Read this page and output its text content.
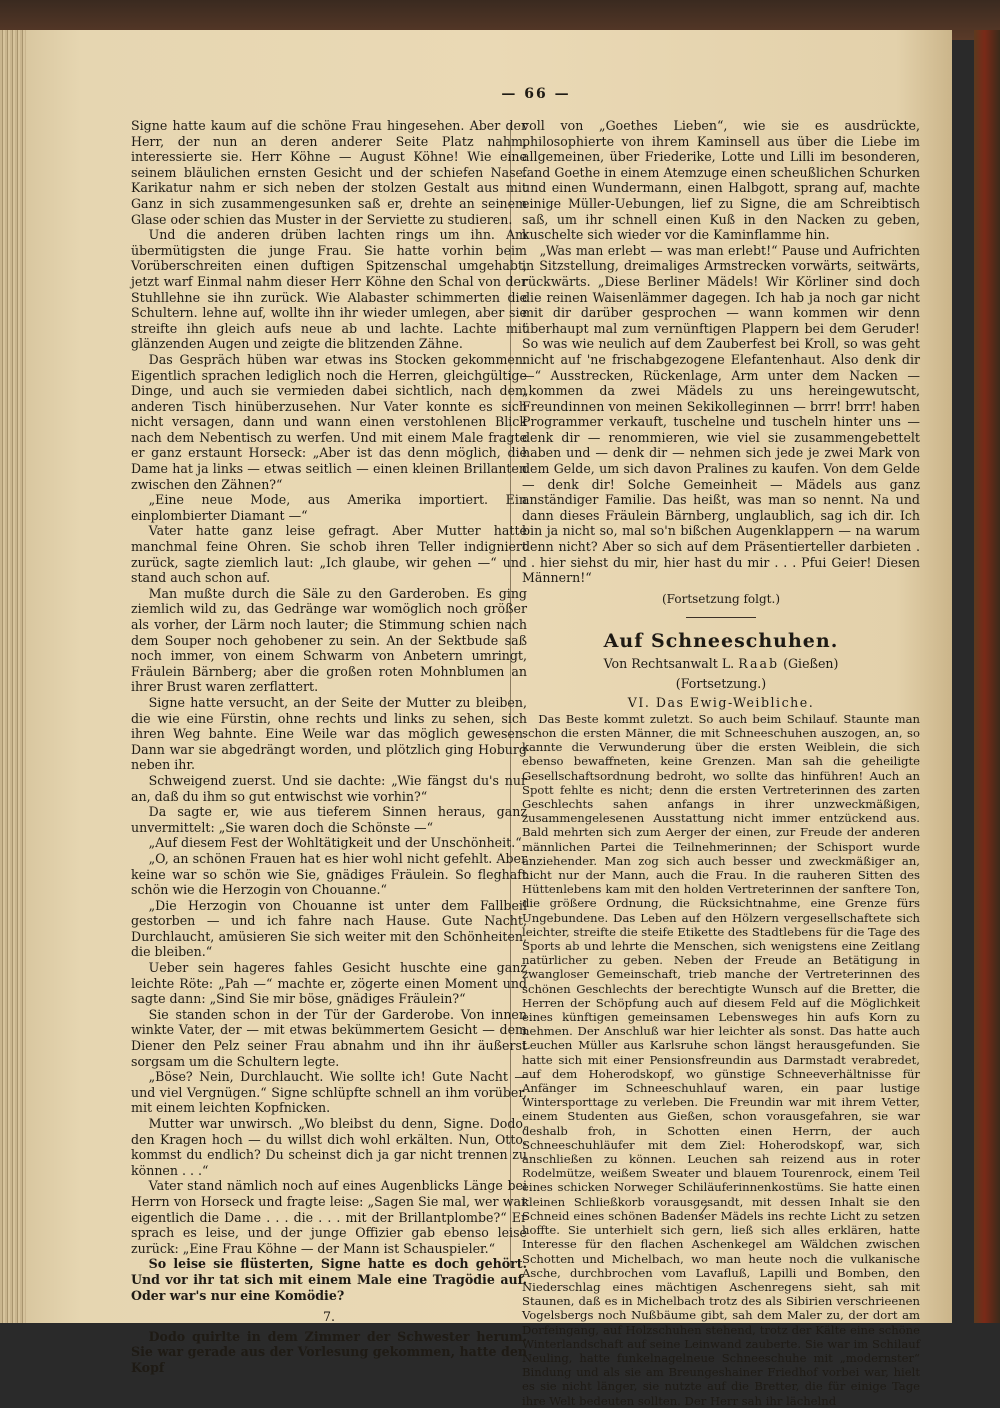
— 66 —

Signe hatte kaum auf die schöne Frau hingesehen. Aber der Herr, der nun an deren anderer Seite Platz nahm, interessierte sie. Herr Köhne — August Köhne! Wie eine seinem bläulichen ernsten Gesicht und der schiefen Nase. Karikatur nahm er sich neben der stolzen Gestalt aus mit Ganz in sich zusammengesunken saß er, drehte an seinem Glase oder schien das Muster in der Serviette zu studieren.

Und die anderen drüben lachten rings um ihn. Am übermütigsten die junge Frau. Sie hatte vorhin beim Vorüberschreiten einen duftigen Spitzenschal umgehabt, jetzt warf Einmal nahm dieser Herr Köhne den Schal von der Stuhllehne sie ihn zurück. Wie Alabaster schimmerten die Schultern. lehne auf, wollte ihn ihr wieder umlegen, aber sie streifte ihn gleich aufs neue ab und lachte. Lachte mit glänzenden Augen und zeigte die blitzenden Zähne.

Das Gespräch hüben war etwas ins Stocken gekommen. Eigentlich sprachen lediglich noch die Herren, gleichgültige Dinge, und auch sie vermieden dabei sichtlich, nach dem anderen Tisch hinüberzusehen. Nur Vater konnte es sich nicht versagen, dann und wann einen verstohlenen Blick nach dem Nebentisch zu werfen. Und mit einem Male fragte er ganz erstaunt Horseck: „Aber ist das denn möglich, die Dame hat ja links — etwas seitlich — einen kleinen Brillanten zwischen den Zähnen?“

„Eine neue Mode, aus Amerika importiert. Ein einplombierter Diamant —“

Vater hatte ganz leise gefragt. Aber Mutter hatte manchmal feine Ohren. Sie schob ihren Teller indigniert zurück, sagte ziemlich laut: „Ich glaube, wir gehen —“ und stand auch schon auf.

Man mußte durch die Säle zu den Garderoben. Es ging ziemlich wild zu, das Gedränge war womöglich noch größer als vorher, der Lärm noch lauter; die Stimmung schien nach dem Souper noch gehobener zu sein. An der Sektbude saß noch immer, von einem Schwarm von Anbetern umringt, Fräulein Bärnberg; aber die großen roten Mohnblumen an ihrer Brust waren zerflattert.

Signe hatte versucht, an der Seite der Mutter zu bleiben, die wie eine Fürstin, ohne rechts und links zu sehen, sich ihren Weg bahnte. Eine Weile war das möglich gewesen. Dann war sie abgedrängt worden, und plötzlich ging Hoburg neben ihr.

Schweigend zuerst. Und sie dachte: „Wie fängst du's nur an, daß du ihm so gut entwischst wie vorhin?“

Da sagte er, wie aus tieferem Sinnen heraus, ganz unvermittelt: „Sie waren doch die Schönste —“

„Auf diesem Fest der Wohltätigkeit und der Unschönheit.“

„O, an schönen Frauen hat es hier wohl nicht gefehlt. Aber keine war so schön wie Sie, gnädiges Fräulein. So fleghaft schön wie die Herzogin von Chouanne.“

„Die Herzogin von Chouanne ist unter dem Fallbeil gestorben — und ich fahre nach Hause. Gute Nacht, Durchlaucht, amüsieren Sie sich weiter mit den Schönheiten, die bleiben.“

Ueber sein hageres fahles Gesicht huschte eine ganz leichte Röte: „Pah —“ machte er, zögerte einen Moment und sagte dann: „Sind Sie mir böse, gnädiges Fräulein?“

Sie standen schon in der Tür der Garderobe. Von innen winkte Vater, der — mit etwas bekümmertem Gesicht — dem Diener den Pelz seiner Frau abnahm und ihn ihr äußerst sorgsam um die Schultern legte.

„Böse? Nein, Durchlaucht. Wie sollte ich! Gute Nacht — und viel Vergnügen.“ Signe schlüpfte schnell an ihm vorüber, mit einem leichten Kopfnicken.

Mutter war unwirsch. „Wo bleibst du denn, Signe. Dodo, den Kragen hoch — du willst dich wohl erkälten. Nun, Otto, kommst du endlich? Du scheinst dich ja gar nicht trennen zu können . . .“

Vater stand nämlich noch auf eines Augenblicks Länge bei Herrn von Horseck und fragte leise: „Sagen Sie mal, wer war eigentlich die Dame . . . die . . . mit der Brillantplombe?“ Er sprach es leise, und der junge Offizier gab ebenso leise zurück: „Eine Frau Köhne — der Mann ist Schauspieler.“

So leise sie flüsterten, Signe hatte es doch gehört. Und vor ihr tat sich mit einem Male eine Tragödie auf. Oder war's nur eine Komödie?

7.

Dodo quirlte in dem Zimmer der Schwester herum. Sie war gerade aus der Vorlesung gekommen, hatte den Kopf

voll von „Goethes Lieben“, wie sie es ausdrückte, philosophierte von ihrem Kaminsell aus über die Liebe im allgemeinen, über Friederike, Lotte und Lilli im besonderen, fand Goethe in einem Atemzuge einen scheußlichen Schurken und einen Wundermann, einen Halbgott, sprang auf, machte einige Müller-Uebungen, lief zu Signe, die am Schreibtisch saß, um ihr schnell einen Kuß in den Nacken zu geben, kuschelte sich wieder vor die Kaminflamme hin.

„Was man erlebt — was man erlebt!“ Pause und Aufrichten in Sitzstellung, dreimaliges Armstrecken vorwärts, seitwärts, rückwärts. „Diese Berliner Mädels! Wir Körliner sind doch die reinen Waisenlämmer dagegen. Ich hab ja noch gar nicht mit dir darüber gesprochen — wann kommen wir denn überhaupt mal zum vernünftigen Plappern bei dem Geruder! So was wie neulich auf dem Zauberfest bei Kroll, so was geht nicht auf 'ne frischabgezogene Elefantenhaut. Also denk dir —“ Ausstrecken, Rückenlage, Arm unter dem Nacken — „kommen da zwei Mädels zu uns hereingewutscht, Freundinnen von meinen Sekikolleginnen — brrr! brrr! haben Programmer verkauft, tuschelne und tuscheln hinter uns — denk dir — renommieren, wie viel sie zusammengebettelt haben und — denk dir — nehmen sich jede je zwei Mark von dem Gelde, um sich davon Pralines zu kaufen. Von dem Gelde — denk dir! Solche Gemeinheit — Mädels aus ganz anständiger Familie. Das heißt, was man so nennt. Na und dann dieses Fräulein Bärnberg, unglaublich, sag ich dir. Ich bin ja nicht so, mal so'n bißchen Augenklappern — na warum denn nicht? Aber so sich auf dem Präsentierteller darbieten . . . hier siehst du mir, hier hast du mir . . . Pfui Geier! Diesen Männern!“

(Fortsetzung folgt.)
Auf Schneeschuhen.
Von Rechtsanwalt L. Raab (Gießen)
(Fortsetzung.)
VI. Das Ewig-Weibliche.

Das Beste kommt zuletzt. So auch beim Schilauf. Staunte man schon die ersten Männer, die mit Schneeschuhen auszogen, an, so kannte die Verwunderung über die ersten Weiblein, die sich ebenso bewaffneten, keine Grenzen. Man sah die geheiligte Gesellschaftsordnung bedroht, wo sollte das hinführen! Auch an Spott fehlte es nicht; denn die ersten Vertreterinnen des zarten Geschlechts sahen anfangs in ihrer unzweckmäßigen, zusammengelesenen Ausstattung nicht immer entzückend aus. Bald mehrten sich zum Aerger der einen, zur Freude der anderen männlichen Partei die Teilnehmerinnen; der Schisport wurde anziehender. Man zog sich auch besser und zweckmäßiger an, nicht nur der Mann, auch die Frau. In die rauheren Sitten des Hüttenlebens kam mit den holden Vertreterinnen der sanftere Ton, die größere Ordnung, die Rücksichtnahme, eine Grenze fürs Ungebundene. Das Leben auf den Hölzern vergesellschaftete sich leichter, streifte die steife Etikette des Stadtlebens für die Tage des Sports ab und lehrte die Menschen, sich wenigstens eine Zeitlang natürlicher zu geben. Neben der Freude an Betätigung in zwangloser Gemeinschaft, trieb manche der Vertreterinnen des schönen Geschlechts der berechtigte Wunsch auf die Bretter, die Herren der Schöpfung auch auf diesem Feld auf die Möglichkeit eines künftigen gemeinsamen Lebensweges hin aufs Korn zu nehmen. Der Anschluß war hier leichter als sonst. Das hatte auch Leuchen Müller aus Karlsruhe schon längst herausgefunden. Sie hatte sich mit einer Pensionsfreundin aus Darmstadt verabredet, auf dem Hoherodskopf, wo günstige Schneeverhältnisse für Anfänger im Schneeschuhlauf waren, ein paar lustige Wintersporttage zu verleben. Die Freundin war mit ihrem Vetter, einem Studenten aus Gießen, schon vorausgefahren, sie war deshalb froh, in Schotten einen Herrn, der auch Schneeschuhläufer mit dem Ziel: Hoherodskopf, war, sich anschließen zu können. Leuchen sah reizend aus in roter Rodelmütze, weißem Sweater und blauem Tourenrock, einem Teil eines schicken Norweger Schiläuferinnenkostüms. Sie hatte einen kleinen Schließkorb vorausgesandt, mit dessen Inhalt sie den Schneid eines schönen Badenser Mädels ins rechte Licht zu setzen hoffte. Sie unterhielt sich gern, ließ sich alles erklären, hatte Interesse für den flachen Aschenkegel am Wäldchen zwischen Schotten und Michelbach, wo man heute noch die vulkanische Asche, durchbrochen vom Lavafluß, Lapilli und Bomben, den Niederschlag eines mächtigen Aschenregens sieht, sah mit Staunen, daß es in Michelbach trotz des als Sibirien verschrieenen Vogelsbergs noch Nußbäume gibt, sah dem Maler zu, der dort am Dorfeingang, auf Holzschuhen stehend, trotz der Kälte eine schöne Winterlandschaft auf seine Leinwand zauberte. Sie war im Schilauf Neuling, hatte funkelnagelneue Schneeschuhe mit „modernster“ Bindung und als sie am Breungeshainer Friedhof vorbei war, hielt es sie nicht länger, sie nutzte auf die Bretter, die für einige Tage ihre Welt bedeuten sollten. Der Herr sah ihr lächelnd
